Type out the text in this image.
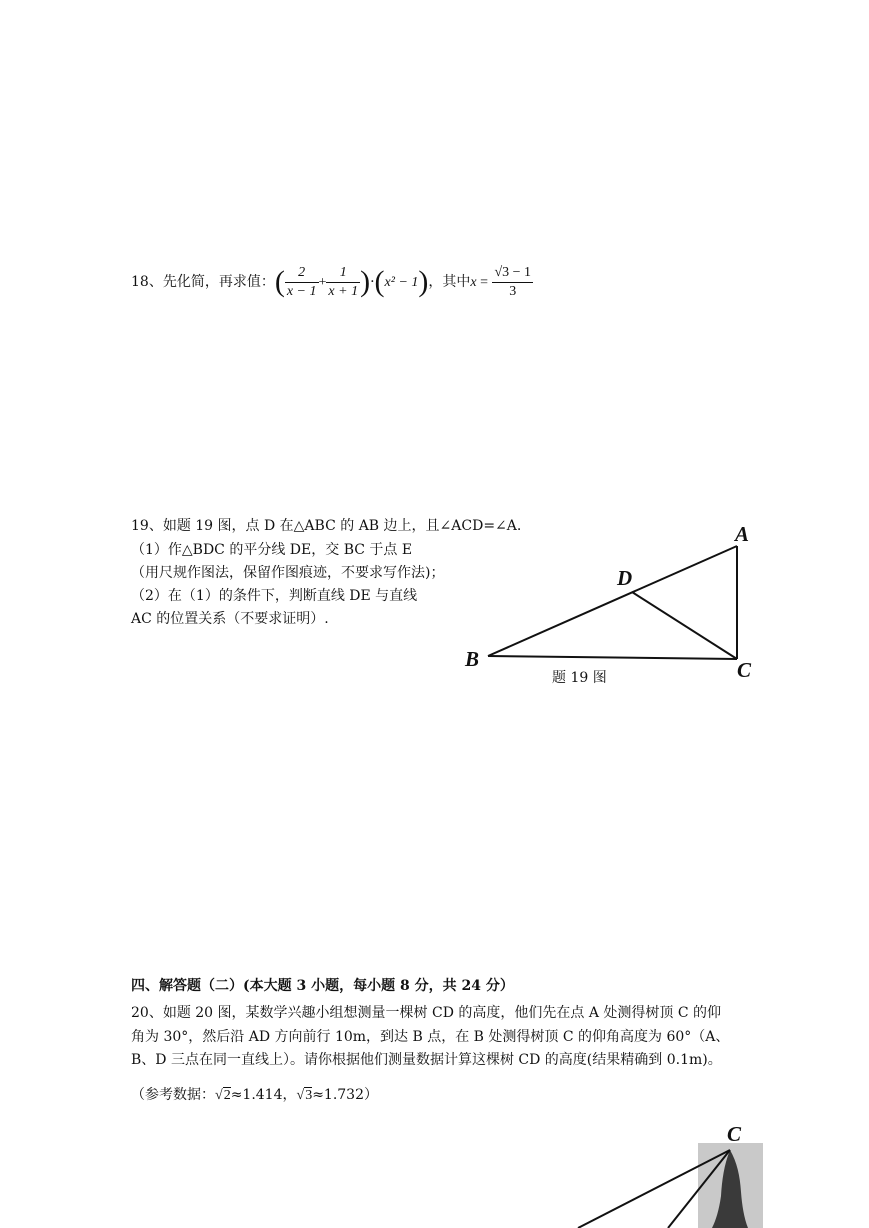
18、先化简，再求值：( $\frac{2}{x - 1} + \frac{1}{x + 1} )\cdot(x^2 - 1)$，其中$x = \frac{√3 - 1}{3}$
19、如题 19 图，点 D 在△ABC 的 AB 边上，且∠ACD=∠A.
（1）作△BDC 的平分线 DE，交 BC 于点 E
（用尺规作图法，保留作图痕迹，不要求写作法)；
（2）在（1）的条件下，判断直线 DE 与直线
AC 的位置关系（不要求证明）.
A
D
B	C
题 19 图
四、解答题（二）(本大题 3 小题，每小题 8 分，共 24 分）
20、如题 20 图，某数学兴趣小组想测量一棵树 CD 的高度，他们先在点 A 处测得树顶 C 的仰
角为 30°，然后沿 AD 方向前行 10m，到达 B 点，在 B 处测得树顶 C 的仰角高度为 60°（A、
B、D 三点在同一直线上）。请你根据他们测量数据计算这棵树 CD 的高度(结果精确到 0.1m)。
（参考数据：√2≈1.414，√3≈1.732）
C
